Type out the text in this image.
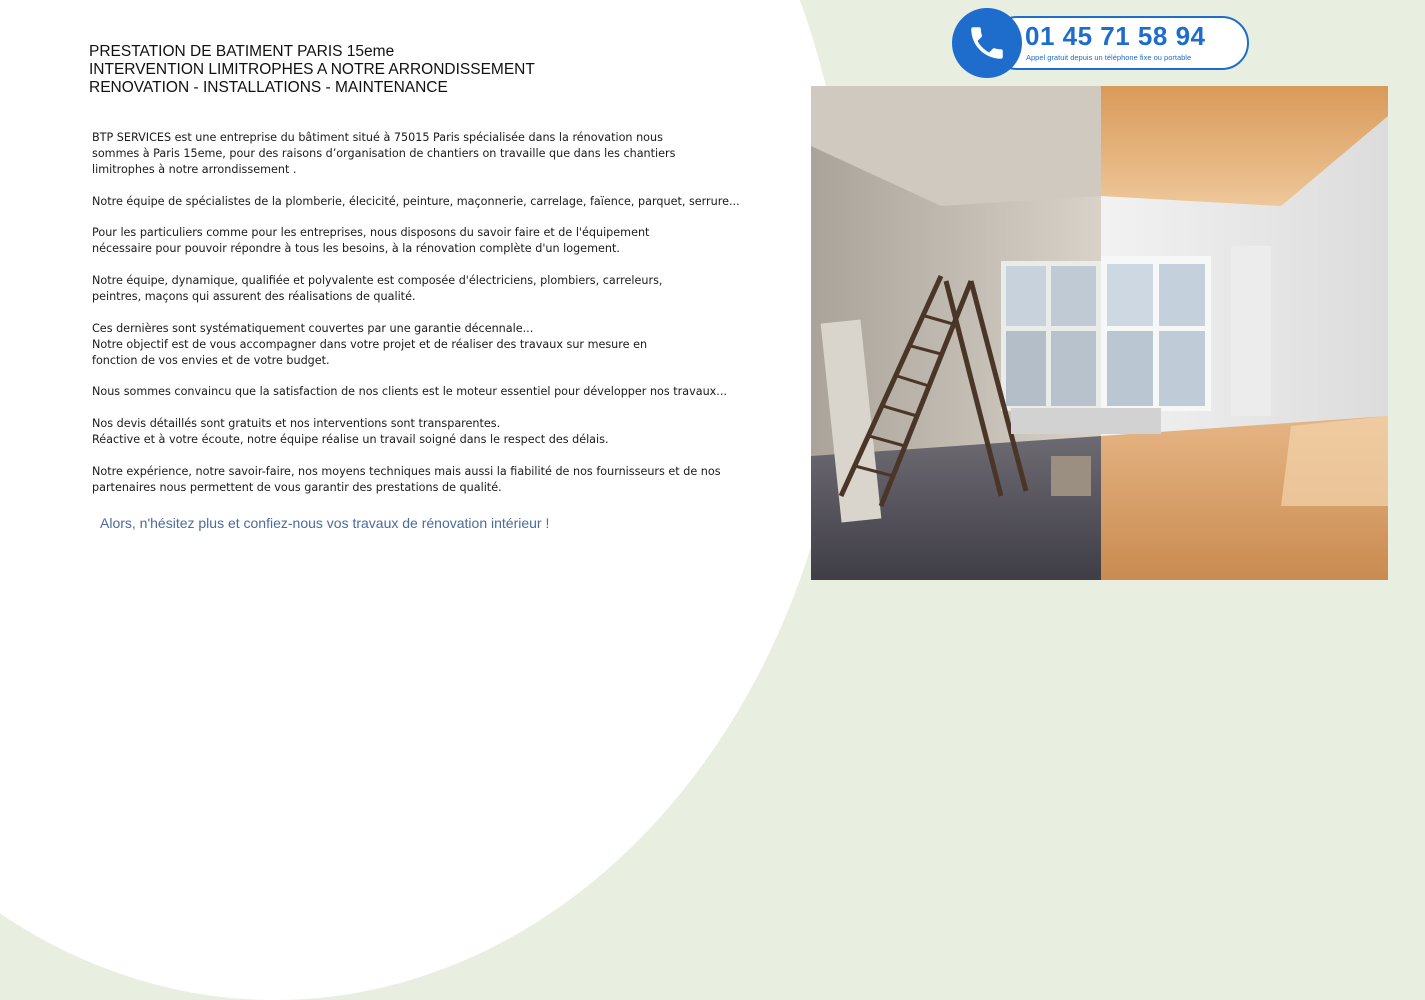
PRESTATION DE BATIMENT PARIS 15eme
INTERVENTION LIMITROPHES A NOTRE ARRONDISSEMENT
RENOVATION - INSTALLATIONS - MAINTENANCE

BTP SERVICES est une entreprise du bâtiment situé à 75015 Paris spécialisée dans la rénovation nous
sommes à Paris 15eme, pour des raisons d’organisation de chantiers on travaille que dans les chantiers
limitrophes à notre arrondissement .

Notre équipe de spécialistes de la plomberie, élecicité, peinture, maçonnerie, carrelage, faïence, parquet, serrure...

Pour les particuliers comme pour les entreprises, nous disposons du savoir faire et de l'équipement
nécessaire pour pouvoir répondre à tous les besoins, à la rénovation complète d'un logement.

Notre équipe, dynamique, qualifiée et polyvalente est composée d'électriciens, plombiers, carreleurs,
peintres, maçons qui assurent des réalisations de qualité.

Ces dernières sont systématiquement couvertes par une garantie décennale...
Notre objectif est de vous accompagner dans votre projet et de réaliser des travaux sur mesure en
fonction de vos envies et de votre budget.

Nous sommes convaincu que la satisfaction de nos clients est le moteur essentiel pour développer nos travaux...

Nos devis détaillés sont gratuits et nos interventions sont transparentes.
Réactive et à votre écoute, notre équipe réalise un travail soigné dans le respect des délais.

Notre expérience, notre savoir-faire, nos moyens techniques mais aussi la fiabilité de nos fournisseurs et de nos
partenaires nous permettent de vous garantir des prestations de qualité.

Alors, n'hésitez plus et confiez-nous vos travaux de rénovation intérieur !
01 45 71 58 94
Appel gratuit depuis un téléphone fixe ou portable
